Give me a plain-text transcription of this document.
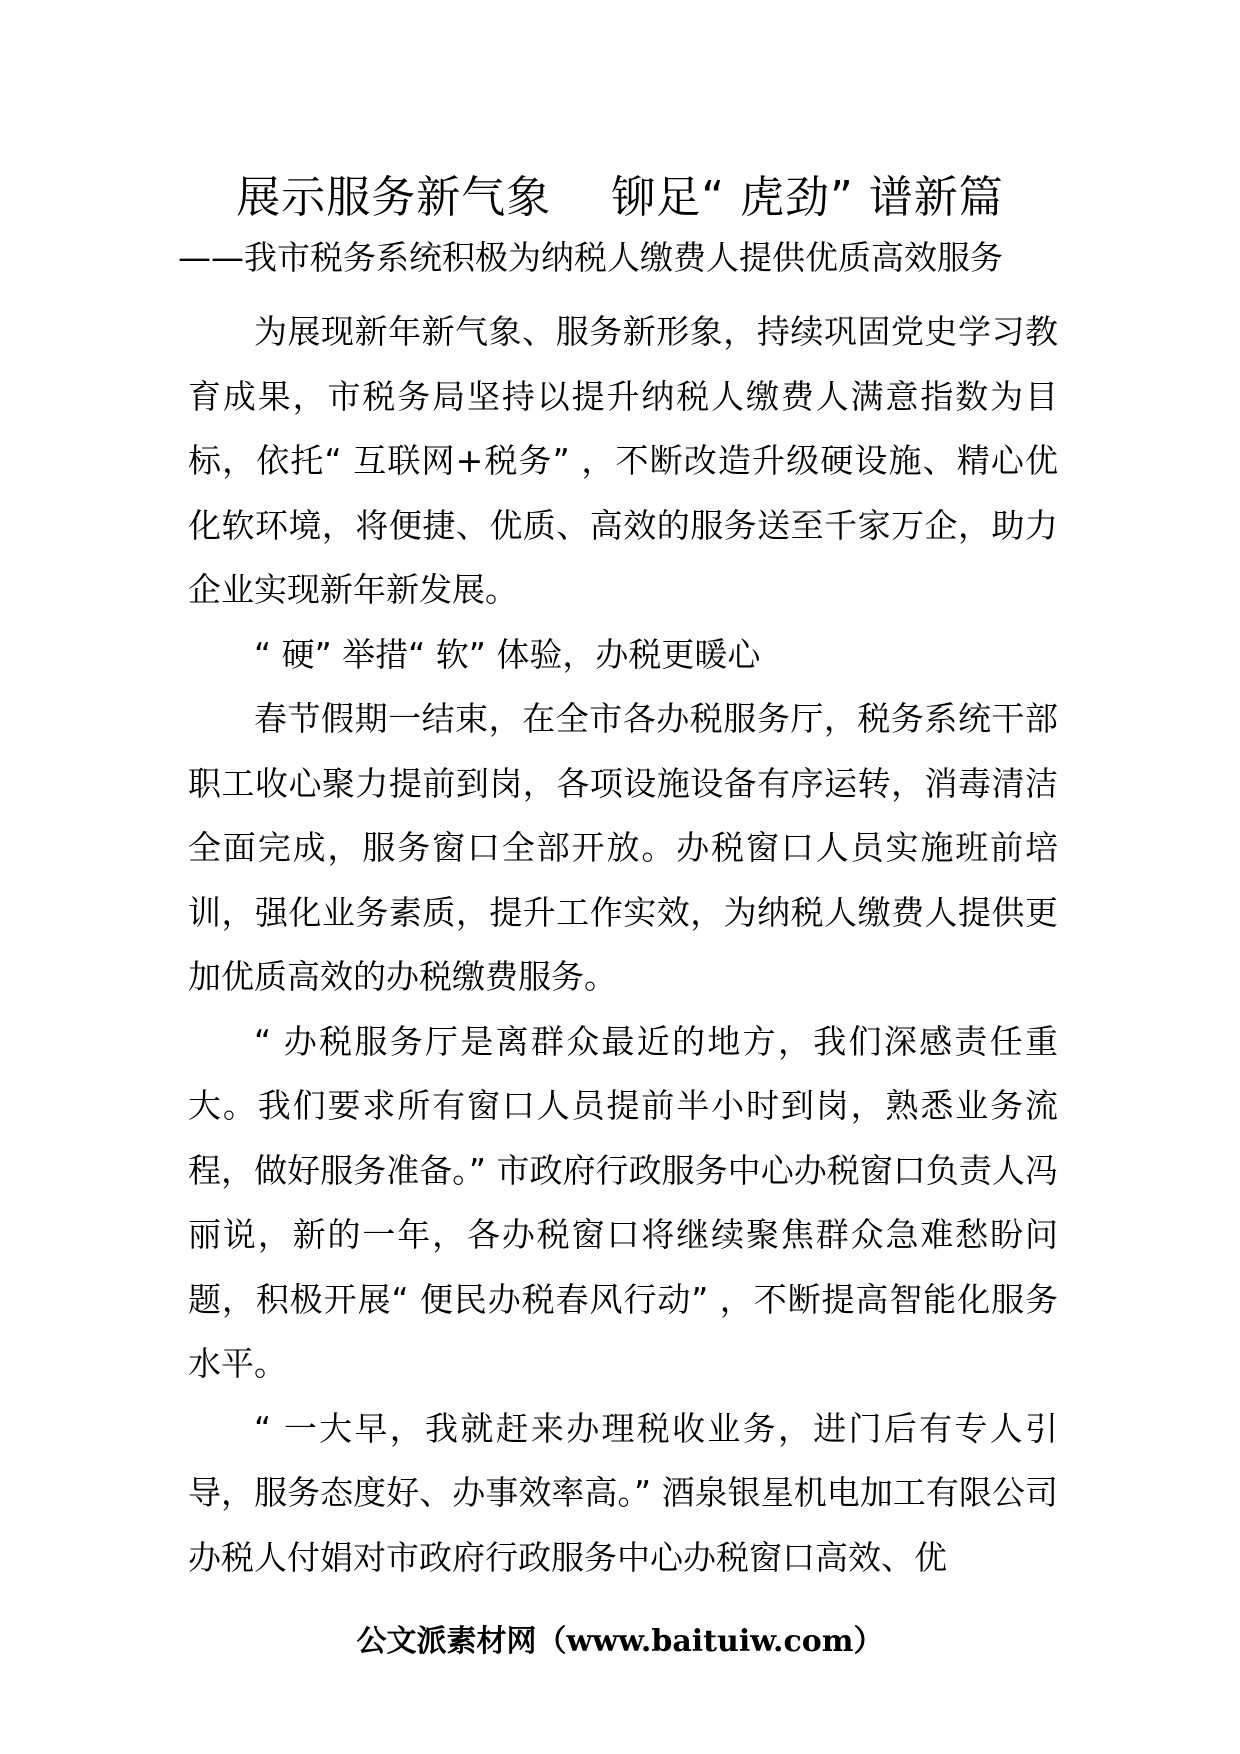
展示服务新气象　 铆足“ 虎劲” 谱新篇
——我市税务系统积极为纳税人缴费人提供优质高效服务

为展现新年新气象、服务新形象，持续巩固党史学习教育成果，市税务局坚持以提升纳税人缴费人满意指数为目标，依托“ 互联网+税务” ，不断改造升级硬设施、精心优化软环境，将便捷、优质、高效的服务送至千家万企，助力企业实现新年新发展。

“ 硬” 举措“ 软” 体验，办税更暖心

春节假期一结束，在全市各办税服务厅，税务系统干部职工收心聚力提前到岗，各项设施设备有序运转，消毒清洁全面完成，服务窗口全部开放。办税窗口人员实施班前培训，强化业务素质，提升工作实效，为纳税人缴费人提供更加优质高效的办税缴费服务。

“ 办税服务厅是离群众最近的地方，我们深感责任重大。我们要求所有窗口人员提前半小时到岗，熟悉业务流程，做好服务准备。” 市政府行政服务中心办税窗口负责人冯丽说，新的一年，各办税窗口将继续聚焦群众急难愁盼问题，积极开展“ 便民办税春风行动” ，不断提高智能化服务水平。

“ 一大早，我就赶来办理税收业务，进门后有专人引导，服务态度好、办事效率高。” 酒泉银星机电加工有限公司办税人付娟对市政府行政服务中心办税窗口高效、优

公文派素材网（www.baituiw.com）
